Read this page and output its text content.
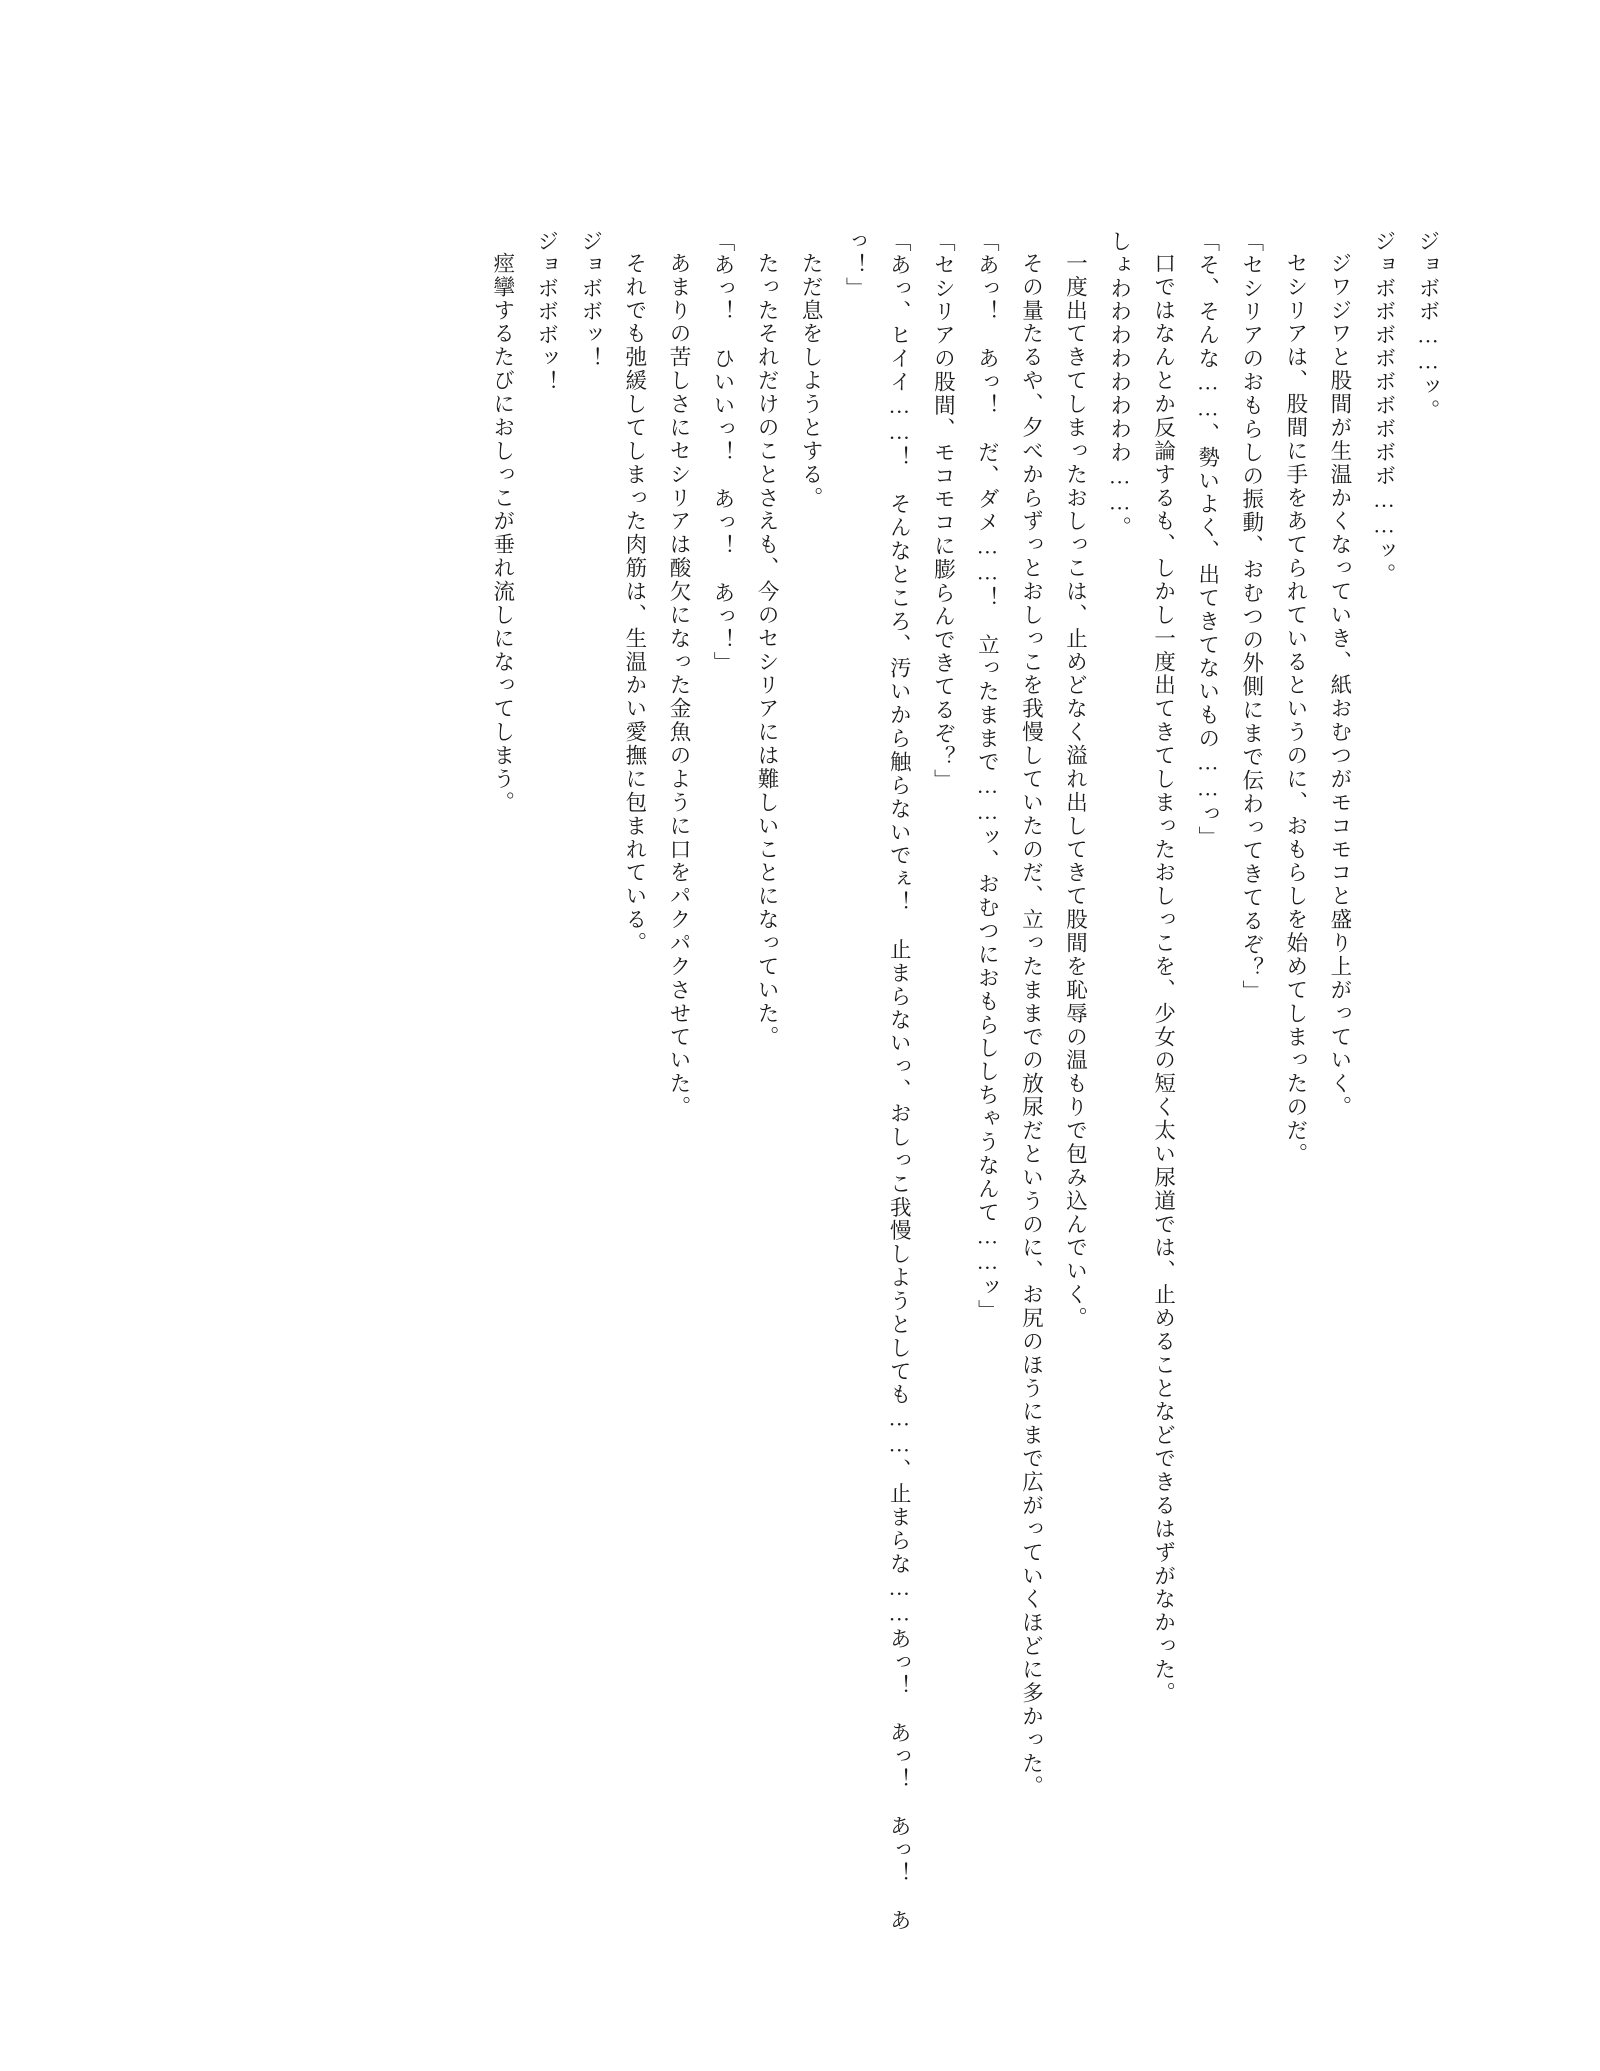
ジョボボ……ッ。

ジョボボボボボボボボボ……ッ。

ジワジワと股間が生温かくなっていき、紙おむつがモコモコと盛り上がっていく。

セシリアは、股間に手をあてられているというのに、おもらしを始めてしまったのだ。

「セシリアのおもらしの振動、おむつの外側にまで伝わってきてるぞ？」

「そ、そんな……、勢いよく、出てきてないもの……っ」

口ではなんとか反論するも、しかし一度出てきてしまったおしっこを、少女の短く太い尿道では、止めることなどできるはずがなかった。

しょわわわわわわわわ……。

一度出てきてしまったおしっこは、止めどなく溢れ出してきて股間を恥辱の温もりで包み込んでいく。

その量たるや、夕べからずっとおしっこを我慢していたのだ、立ったままでの放尿だというのに、お尻のほうにまで広がっていくほどに多かった。

「あっ！　あっ！　だ、ダメ……！　立ったままで……ッ、おむつにおもらししちゃうなんて……ッ」

「セシリアの股間、モコモコに膨らんできてるぞ？」

「あっ、ヒイイ……！　そんなところ、汚いから触らないでぇ！　止まらないっ、おしっこ我慢しようとしても……、止まらな……あっ！　あっ！　あっ！　あっ！」

ただ息をしようとする。

たったそれだけのことさえも、今のセシリアには難しいことになっていた。

「あっ！　ひいいっ！　あっ！　あっ！」

あまりの苦しさにセシリアは酸欠になった金魚のように口をパクパクさせていた。

それでも弛緩してしまった肉筋は、生温かい愛撫に包まれている。

ジョボボッ！

ジョボボボッ！

痙攣するたびにおしっこが垂れ流しになってしまう。
